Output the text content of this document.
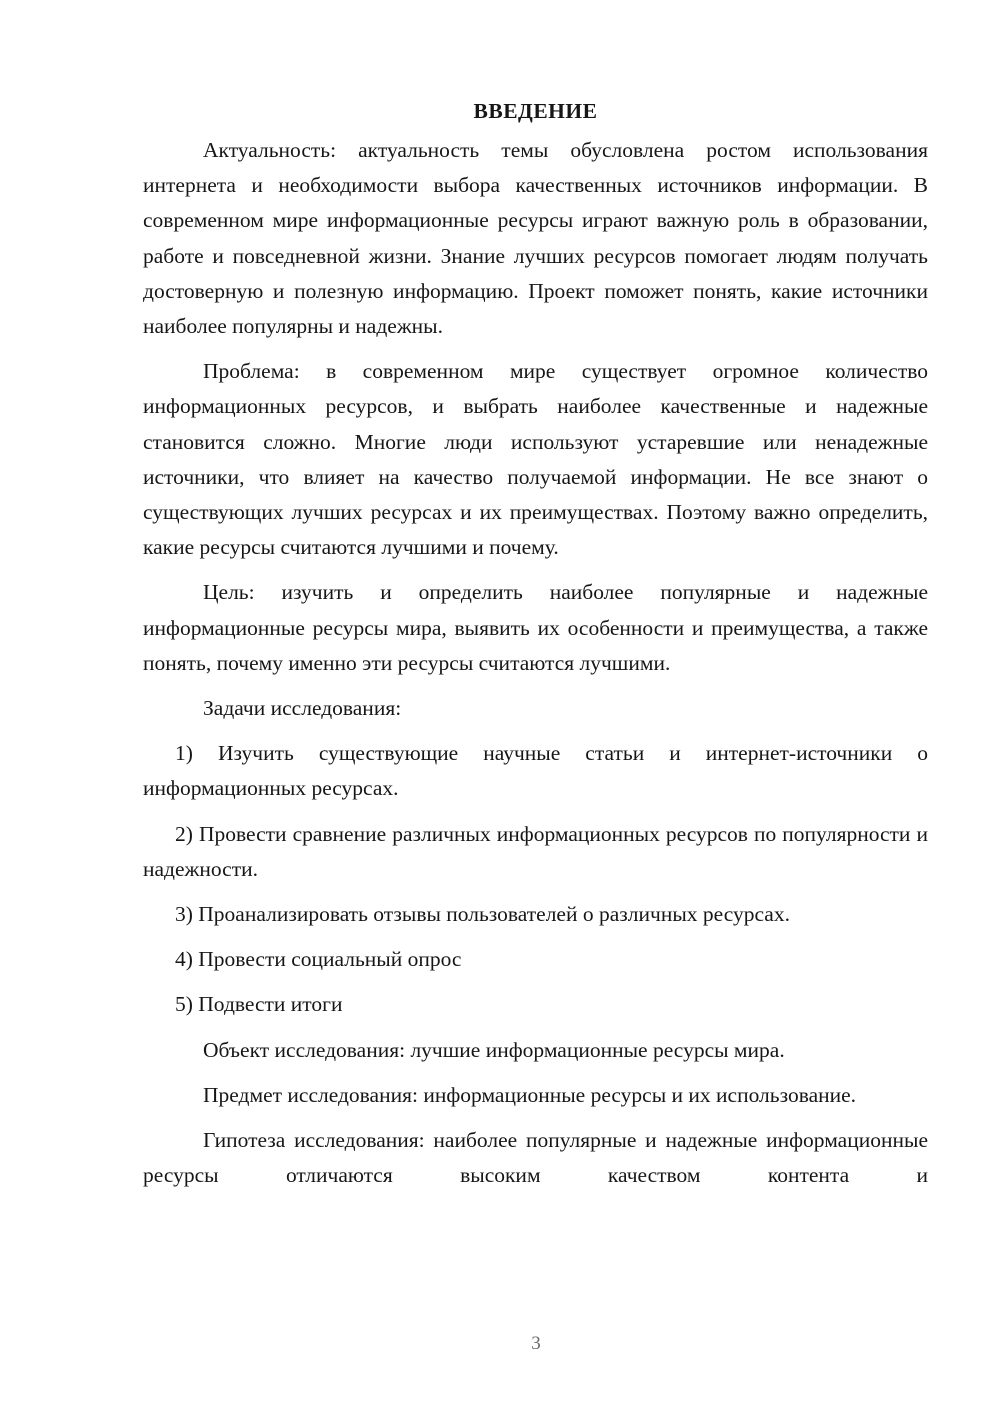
ВВЕДЕНИЕ

Актуальность: актуальность темы обусловлена ростом использования интернета и необходимости выбора качественных источников информации. В современном мире информационные ресурсы играют важную роль в образовании, работе и повседневной жизни. Знание лучших ресурсов помогает людям получать достоверную и полезную информацию. Проект поможет понять, какие источники наиболее популярны и надежны.

Проблема: в современном мире существует огромное количество информационных ресурсов, и выбрать наиболее качественные и надежные становится сложно. Многие люди используют устаревшие или ненадежные источники, что влияет на качество получаемой информации. Не все знают о существующих лучших ресурсах и их преимуществах. Поэтому важно определить, какие ресурсы считаются лучшими и почему.

Цель: изучить и определить наиболее популярные и надежные информационные ресурсы мира, выявить их особенности и преимущества, а также понять, почему именно эти ресурсы считаются лучшими.

Задачи исследования:

1) Изучить существующие научные статьи и интернет-источники о информационных ресурсах.

2) Провести сравнение различных информационных ресурсов по популярности и надежности.

3) Проанализировать отзывы пользователей о различных ресурсах.

4) Провести социальный опрос

5) Подвести итоги

Объект исследования: лучшие информационные ресурсы мира.

Предмет исследования: информационные ресурсы и их использование.

Гипотеза исследования: наиболее популярные и надежные информационные ресурсы отличаются высоким качеством контента и

3
